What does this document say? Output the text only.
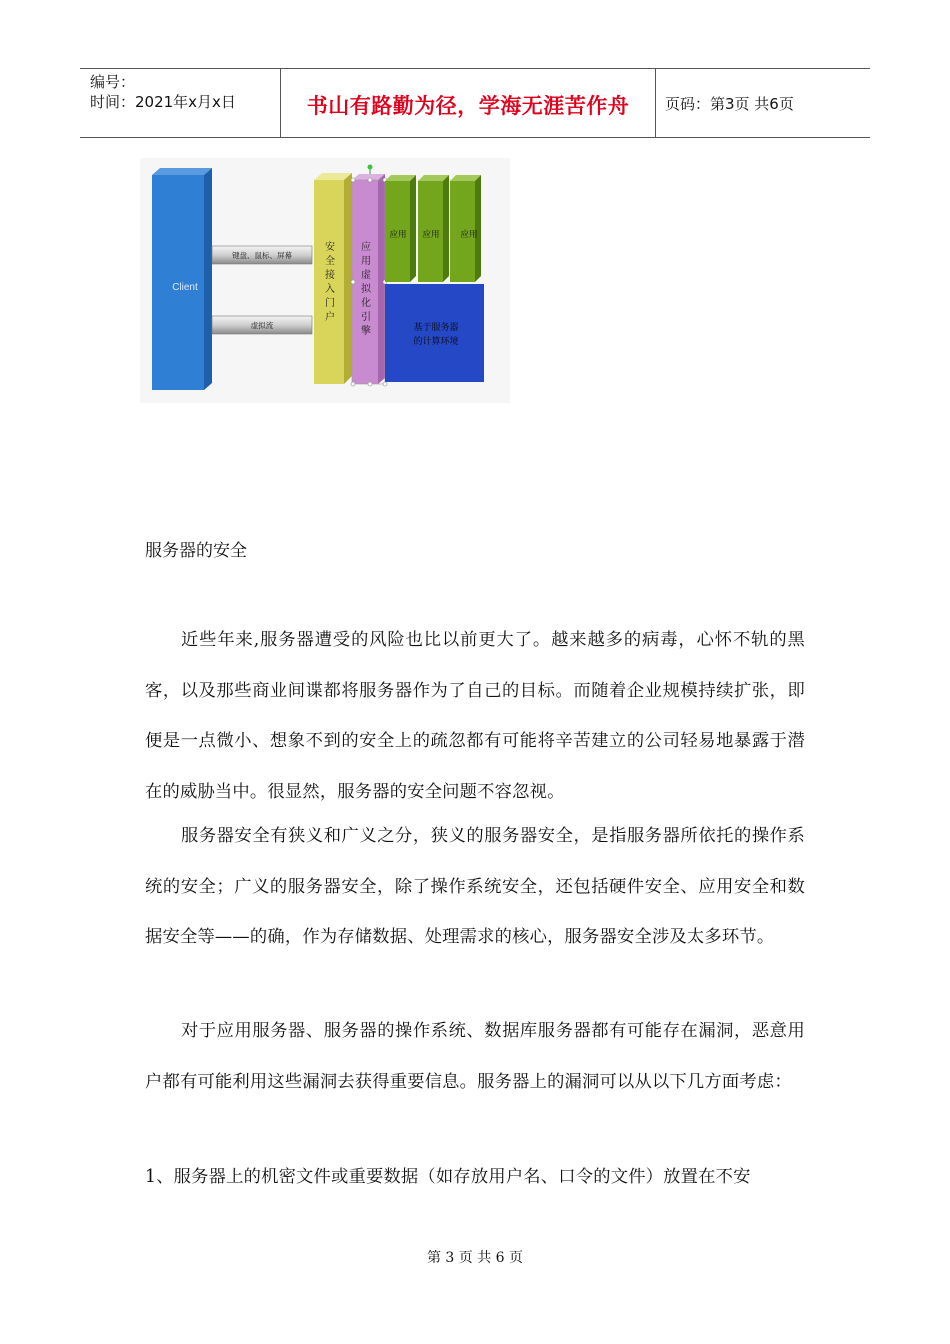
编号：
时间：2021年x月x日	书山有路勤为径，学海无涯苦作舟	页码：第3页 共6页
Client
键盘、鼠标、屏幕
虚拟流
安全接入门户
应用虚拟化引擎
应用 应用 应用
基于服务器
的计算环境
服务器的安全
近些年来,服务器遭受的风险也比以前更大了。越来越多的病毒，心怀不轨的黑客，以及那些商业间谍都将服务器作为了自己的目标。而随着企业规模持续扩张，即便是一点微小、想象不到的安全上的疏忽都有可能将辛苦建立的公司轻易地暴露于潜在的威胁当中。很显然，服务器的安全问题不容忽视。
服务器安全有狭义和广义之分，狭义的服务器安全，是指服务器所依托的操作系统的安全；广义的服务器安全，除了操作系统安全，还包括硬件安全、应用安全和数据安全等——的确，作为存储数据、处理需求的核心，服务器安全涉及太多环节。
对于应用服务器、服务器的操作系统、数据库服务器都有可能存在漏洞，恶意用户都有可能利用这些漏洞去获得重要信息。服务器上的漏洞可以从以下几方面考虑：
1、服务器上的机密文件或重要数据（如存放用户名、口令的文件）放置在不安
第 3 页 共 6 页
